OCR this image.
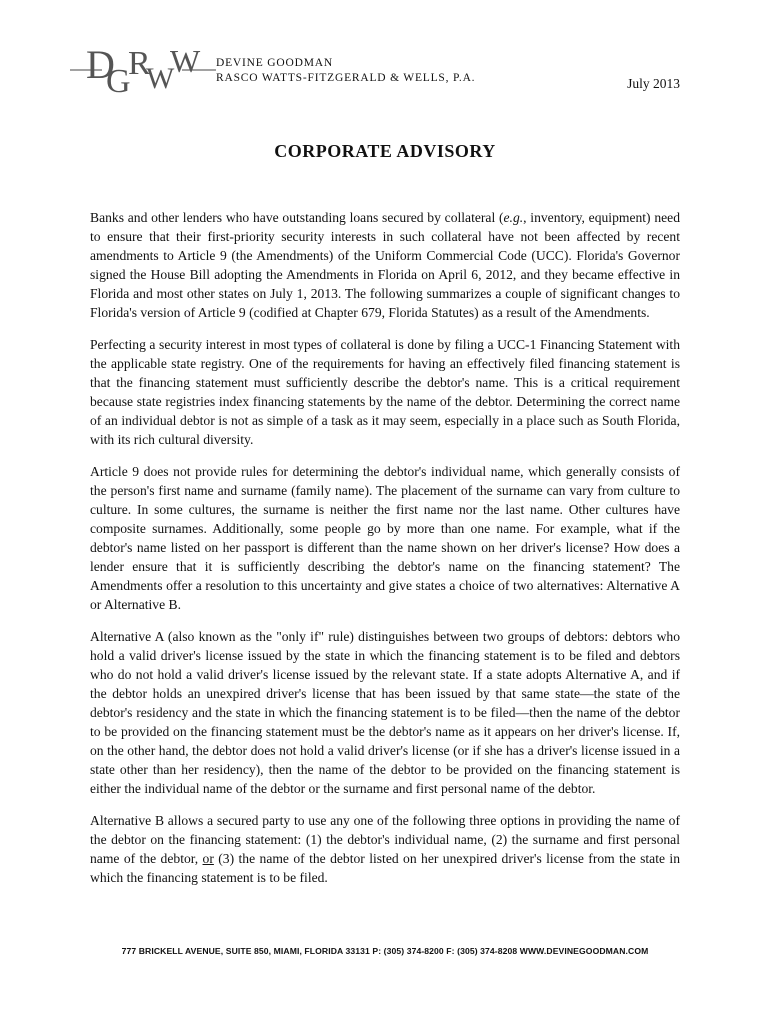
D
G
R
W
W DEVINE GOODMAN
RASCO WATTS-FITZGERALD & WELLS, P.A.	July 2013
CORPORATE ADVISORY

Banks and other lenders who have outstanding loans secured by collateral (e.g., inventory, equipment) need to ensure that their first-priority security interests in such collateral have not been affected by recent amendments to Article 9 (the Amendments) of the Uniform Commercial Code (UCC). Florida's Governor signed the House Bill adopting the Amendments in Florida on April 6, 2012, and they became effective in Florida and most other states on July 1, 2013. The following summarizes a couple of significant changes to Florida's version of Article 9 (codified at Chapter 679, Florida Statutes) as a result of the Amendments.

Perfecting a security interest in most types of collateral is done by filing a UCC-1 Financing Statement with the applicable state registry. One of the requirements for having an effectively filed financing statement is that the financing statement must sufficiently describe the debtor's name. This is a critical requirement because state registries index financing statements by the name of the debtor. Determining the correct name of an individual debtor is not as simple of a task as it may seem, especially in a place such as South Florida, with its rich cultural diversity.

Article 9 does not provide rules for determining the debtor's individual name, which generally consists of the person's first name and surname (family name). The placement of the surname can vary from culture to culture. In some cultures, the surname is neither the first name nor the last name. Other cultures have composite surnames. Additionally, some people go by more than one name. For example, what if the debtor's name listed on her passport is different than the name shown on her driver's license? How does a lender ensure that it is sufficiently describing the debtor's name on the financing statement? The Amendments offer a resolution to this uncertainty and give states a choice of two alternatives: Alternative A or Alternative B.

Alternative A (also known as the "only if" rule) distinguishes between two groups of debtors: debtors who hold a valid driver's license issued by the state in which the financing statement is to be filed and debtors who do not hold a valid driver's license issued by the relevant state. If a state adopts Alternative A, and if the debtor holds an unexpired driver's license that has been issued by that same state—the state of the debtor's residency and the state in which the financing statement is to be filed—then the name of the debtor to be provided on the financing statement must be the debtor's name as it appears on her driver's license. If, on the other hand, the debtor does not hold a valid driver's license (or if she has a driver's license issued in a state other than her residency), then the name of the debtor to be provided on the financing statement is either the individual name of the debtor or the surname and first personal name of the debtor.

Alternative B allows a secured party to use any one of the following three options in providing the name of the debtor on the financing statement: (1) the debtor's individual name, (2) the surname and first personal name of the debtor, or (3) the name of the debtor listed on her unexpired driver's license from the state in which the financing statement is to be filed.

777 BRICKELL AVENUE, SUITE 850, MIAMI, FLORIDA 33131 P: (305) 374-8200 F: (305) 374-8208 WWW.DEVINEGOODMAN.COM
